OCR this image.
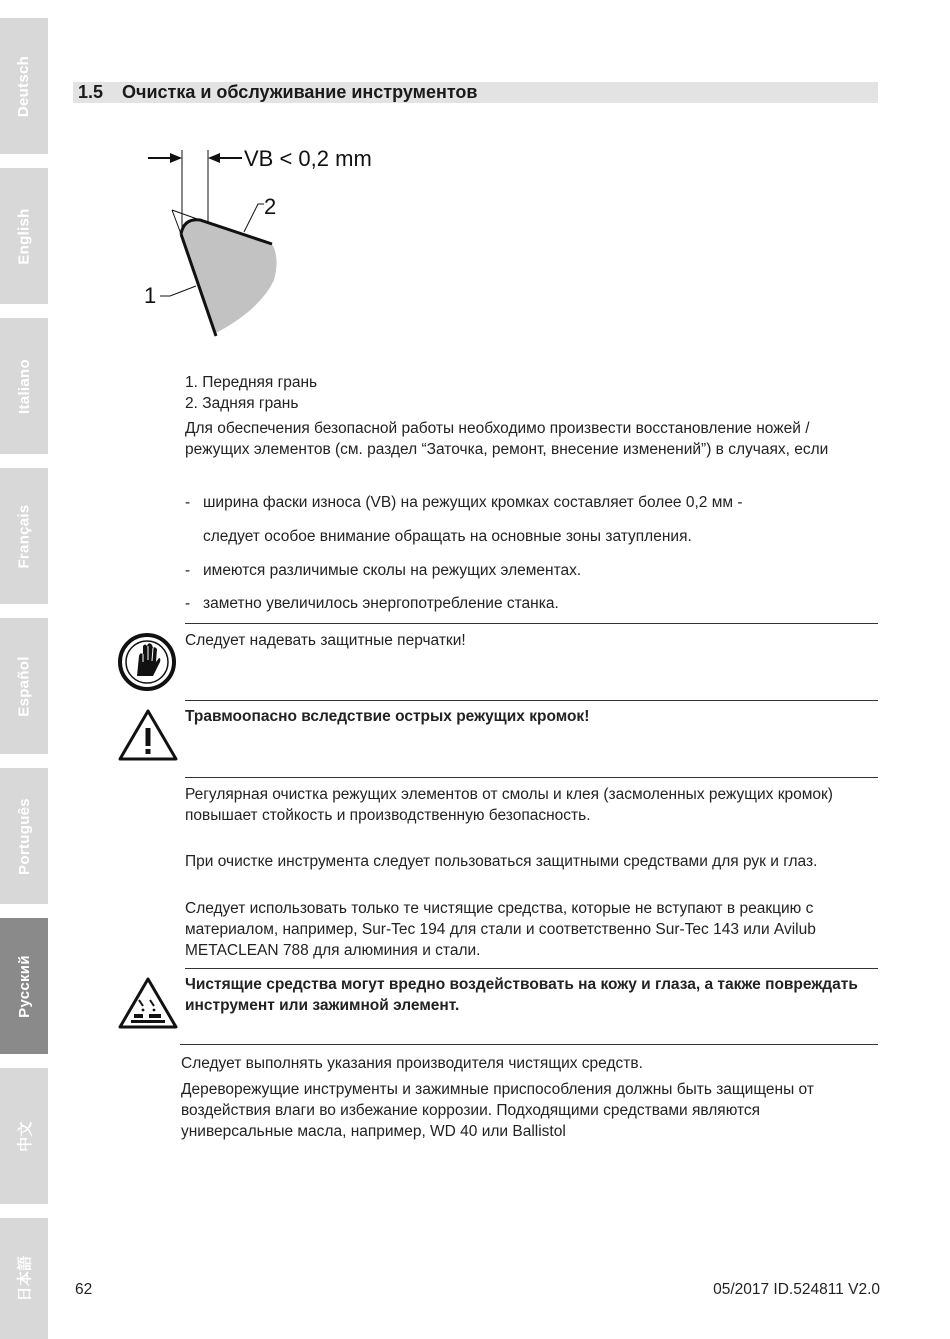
Deutsch
English
Italiano
Français
Español
Português
Русский
中文
日本語
1.5 Очистка и обслуживание инструментов
VB < 0,2 mm
2
1
1. Передняя грань
2. Задняя грань
Для обеспечения безопасной работы необходимо произвести восстановление ножей / режущих элементов (см. раздел “Заточка, ремонт, внесение изменений”) в случаях, если
- ширина фаски износа (VB) на режущих кромках составляет более 0,2 мм -
следует особое внимание обращать на основные зоны затупления.
- имеются различимые сколы на режущих элементах.
- заметно увеличилось энергопотребление станка.
Следует надевать защитные перчатки!
Травмоопасно вследствие острых режущих кромок!
Регулярная очистка режущих элементов от смолы и клея (засмоленных режущих кромок) повышает стойкость и производственную безопасность.
При очистке инструмента следует пользоваться защитными средствами для рук и глаз.
Следует использовать только те чистящие средства, которые не вступают в реакцию с материалом, например, Sur-Tec 194 для стали и соответственно Sur-Tec 143 или Avilub METACLEAN 788 для алюминия и стали.
Чистящие средства могут вредно воздействовать на кожу и глаза, а также повреждать инструмент или зажимной элемент.
Следует выполнять указания производителя чистящих средств.
Дереворежущие инструменты и зажимные приспособления должны быть защищены от воздействия влаги во избежание коррозии. Подходящими средствами являются универсальные масла, например, WD 40 или Ballistol
62	05/2017 ID.524811 V2.0
